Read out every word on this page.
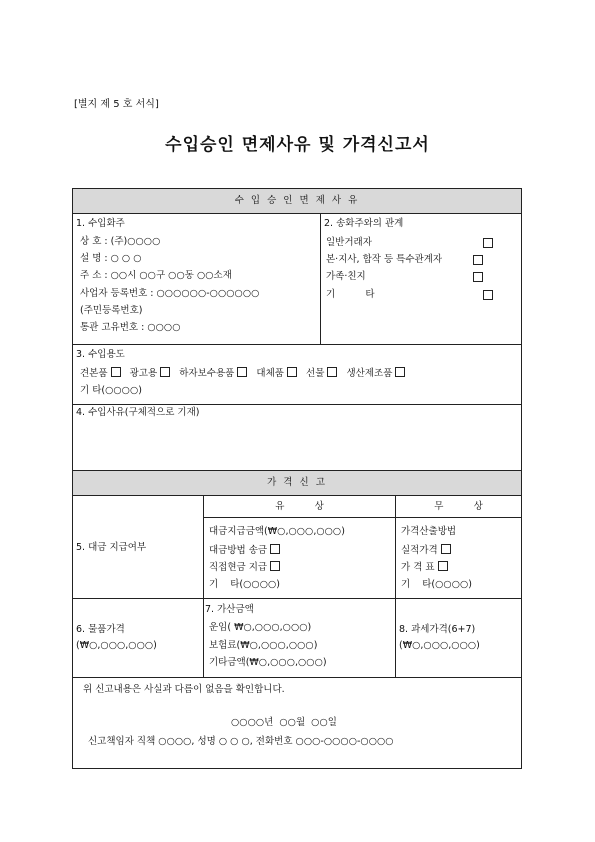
[별지 제 5 호 서식]
수입승인 면제사유 및 가격신고서
수 입 승 인 면 제 사 유
1. 수입화주
상 호 : (주)○○○○
설 명 : ○ ○ ○
주 소 : ○○시 ○○구 ○○동 ○○소재
사업자 등록번호 : ○○○○○○-○○○○○○
(주민등록번호)
통관 고유번호 : ○○○○
2. 송화주와의 관계
일반거래자
본·지사, 합작 등 특수관계자
가족·친지
기          타
3. 수입용도
견본품 광고용 하자보수용품 대체품 선물 생산제조품
기 타(○○○○)
4. 수입사유(구체적으로 기재)
가 격 신 고
유          상	무          상
5. 대금 지급여부
대금지급금액(₩○,○○○,○○○)
대금방법 송금
직접현금 지급
기    타(○○○○)
가격산출방법
실적가격
가 격 표
기    타(○○○○)
6. 물품가격
(₩○,○○○,○○○)
7. 가산금액
운임( ₩○,○○○,○○○)
보험료(₩○,○○○,○○○)
기타금액(₩○,○○○,○○○)
8. 과세가격(6+7)
(₩○,○○○,○○○)
위 신고내용은 사실과 다름이 없음을 확인합니다.
○○○○년  ○○월  ○○일
신고책임자 직책 ○○○○, 성명 ○ ○ ○, 전화번호 ○○○-○○○○-○○○○
